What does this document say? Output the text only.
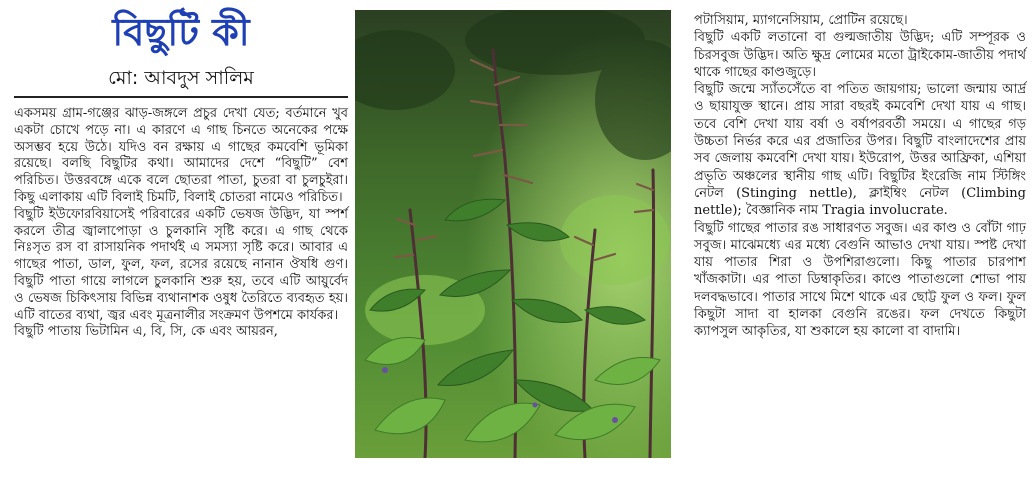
বিছুটি কী
মো: আবদুস সালিম

একসময় গ্রাম-গঞ্জের ঝাড়-জঙ্গলে প্রচুর দেখা যেত; বর্তমানে খুব একটা চোখে পড়ে না। এ কারণে এ গাছ চিনতে অনেকের পক্ষে অসম্ভব হয়ে উঠে। যদিও বন রক্ষায় এ গাছের কমবেশি ভূমিকা রয়েছে। বলছি বিছুটির কথা। আমাদের দেশে “বিছুটি” বেশ পরিচিত। উত্তরবঙ্গে একে বলে ছোতরা পাতা, চুতরা বা চুলচুইরা। কিছু এলাকায় এটি বিলাই চিমটি, বিলাই চোতরা নামেও পরিচিত।

বিছুটি ইউফোরবিয়াসেই পরিবারের একটি ভেষজ উদ্ভিদ, যা স্পর্শ করলে তীব্র জ্বালাপোড়া ও চুলকানি সৃষ্টি করে। এ গাছ থেকে নিঃসৃত রস বা রাসায়নিক পদার্থই এ সমস্যা সৃষ্টি করে। আবার এ গাছের পাতা, ডাল, ফুল, ফল, রসের রয়েছে নানান ঔষধি গুণ। বিছুটি পাতা গায়ে লাগলে চুলকানি শুরু হয়, তবে এটি আয়ুর্বেদ ও ভেষজ চিকিৎসায় বিভিন্ন ব্যথানাশক ওষুধ তৈরিতে ব্যবহৃত হয়। এটি বাতের ব্যথা, জ্বর এবং মূত্রনালীর সংক্রমণ উপশমে কার্যকর।

বিছুটি পাতায় ভিটামিন এ, বি, সি, কে এবং আয়রন,

পটাসিয়াম, ম্যাগনেসিয়াম, প্রোটিন রয়েছে।

বিছুটি একটি লতানো বা গুল্মজাতীয় উদ্ভিদ; এটি সম্পূরক ও চিরসবুজ উদ্ভিদ। অতি ক্ষুদ্র লোমের মতো ট্রাইকোম-জাতীয় পদার্থ থাকে গাছের কাণ্ডজুড়ে।

বিছুটি জন্মে স্যাঁতসেঁতে বা পতিত জায়গায়; ভালো জন্মায় আর্দ্র ও ছায়াযুক্ত স্থানে। প্রায় সারা বছরই কমবেশি দেখা যায় এ গাছ। তবে বেশি দেখা যায় বর্ষা ও বর্ষাপরবর্তী সময়ে। এ গাছের গড় উচ্চতা নির্ভর করে এর প্রজাতির উপর। বিছুটি বাংলাদেশের প্রায় সব জেলায় কমবেশি দেখা যায়। ইউরোপ, উত্তর আফ্রিকা, এশিয়া প্রভৃতি অঞ্চলের স্থানীয় গাছ এটি। বিছুটির ইংরেজি নাম স্টিঙ্গিং নেটল (Stinging nettle), ক্লাইম্বিং নেটল (Climbing nettle); বৈজ্ঞানিক নাম Tragia involucrate.

বিছুটি গাছের পাতার রঙ সাধারণত সবুজ। এর কাণ্ড ও বোঁটা গাঢ় সবুজ। মাঝেমধ্যে এর মধ্যে বেগুনি আভাও দেখা যায়। স্পষ্ট দেখা যায় পাতার শিরা ও উপশিরাগুলো। কিছু পাতার চারপাশ খাঁজকাটা। এর পাতা ডিম্বাকৃতির। কাণ্ডে পাতাগুলো শোভা পায় দলবদ্ধভাবে। পাতার সাথে মিশে থাকে এর ছোট্ট ফুল ও ফল। ফুল কিছুটা সাদা বা হালকা বেগুনি রঙের। ফল দেখতে কিছুটা ক্যাপসুল আকৃতির, যা শুকালে হয় কালো বা বাদামি।
